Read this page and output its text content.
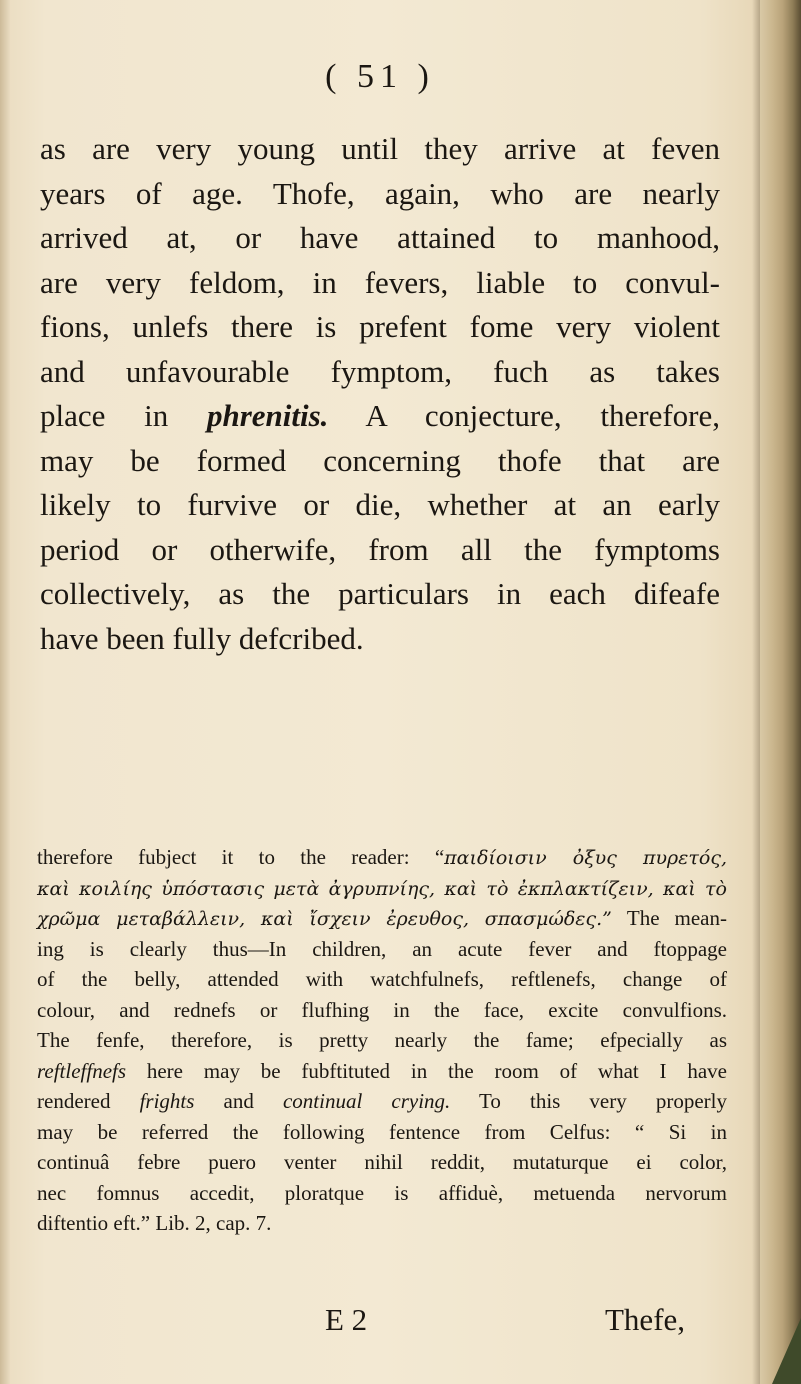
( 51 )
as are very young until they arrive at feven
years of age. Thofe, again, who are nearly
arrived at, or have attained to manhood,
are very feldom, in fevers, liable to convul-
fions, unlefs there is prefent fome very violent
and unfavourable fymptom, fuch as takes
place in phrenitis. A conjecture, therefore,
may be formed concerning thofe that are
likely to furvive or die, whether at an early
period or otherwife, from all the fymptoms
collectively, as the particulars in each difeafe
have been fully defcribed.
therefore fubject it to the reader: “παιδίοισιν ὀξυς πυρετός,
καὶ κοιλίης ὑπόστασις μετὰ ἀγρυπνίης, καὶ τὸ ἐκπλακτίζειν, καὶ τὸ
χρῶμα μεταβάλλειν, καὶ ἴσχειν ἐρευθος, σπασμώδες.” The mean-
ing is clearly thus—In children, an acute fever and ftoppage
of the belly, attended with watchfulnefs, reftlenefs, change of
colour, and rednefs or flufhing in the face, excite convulfions.
The fenfe, therefore, is pretty nearly the fame; efpecially as
reftleffnefs here may be fubftituted in the room of what I have
rendered frights and continual crying. To this very properly
may be referred the following fentence from Celfus: “ Si in
continuâ febre puero venter nihil reddit, mutaturque ei color,
nec fomnus accedit, ploratque is affiduè, metuenda nervorum
diftentio eft.” Lib. 2, cap. 7.
E 2	Thefe,
